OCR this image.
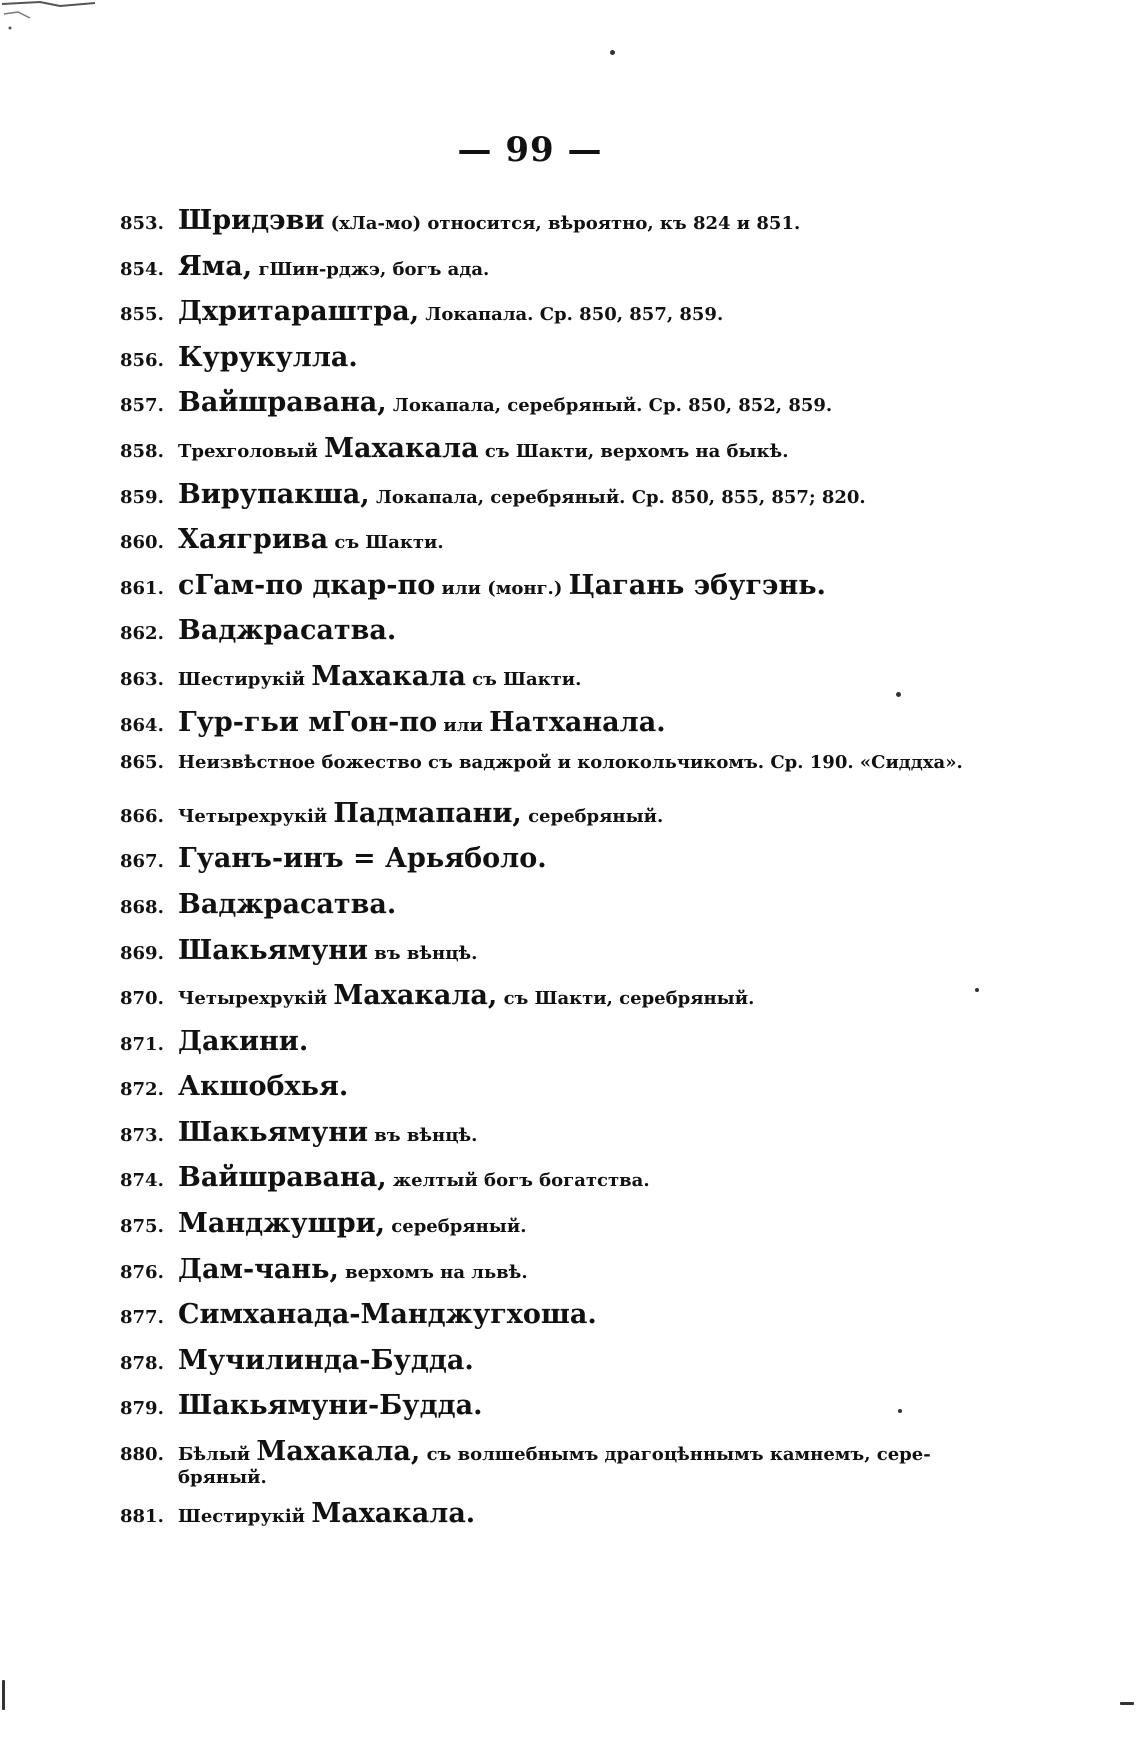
— 99 —
853. Шридэви (хЛа-мо) относится, вѣроятно, къ 824 и 851.
854. Яма, гШин-рджэ, богъ ада.
855. Дхритараштра, Локапала. Ср. 850, 857, 859.
856. Курукулла.
857. Вайшравана, Локапала, серебряный. Ср. 850, 852, 859.
858. Трехголовый Махакала съ Шакти, верхомъ на быкѣ.
859. Вирупакша, Локапала, серебряный. Ср. 850, 855, 857; 820.
860. Хаягрива съ Шакти.
861. сГам-по дкар-по или (монг.) Цагань эбугэнь.
862. Ваджрасатва.
863. Шестирукій Махакала съ Шакти.
864. Гур-гьи мГон-по или Натханала.
865. Неизвѣстное божество съ ваджрой и колокольчикомъ. Ср. 190. «Сиддха».
866. Четырехрукій Падмапани, серебряный.
867. Гуанъ-инъ = Арьяболо.
868. Ваджрасатва.
869. Шакьямуни въ вѣнцѣ.
870. Четырехрукій Махакала, съ Шакти, серебряный.
871. Дакини.
872. Акшобхья.
873. Шакьямуни въ вѣнцѣ.
874. Вайшравана, желтый богъ богатства.
875. Манджушри, серебряный.
876. Дам-чань, верхомъ на львѣ.
877. Симханада-Манджугхоша.
878. Мучилинда-Будда.
879. Шакьямуни-Будда.
880. Бѣлый Махакала, съ волшебнымъ драгоцѣннымъ камнемъ, сере-
бряный.
881. Шестирукій Махакала.
